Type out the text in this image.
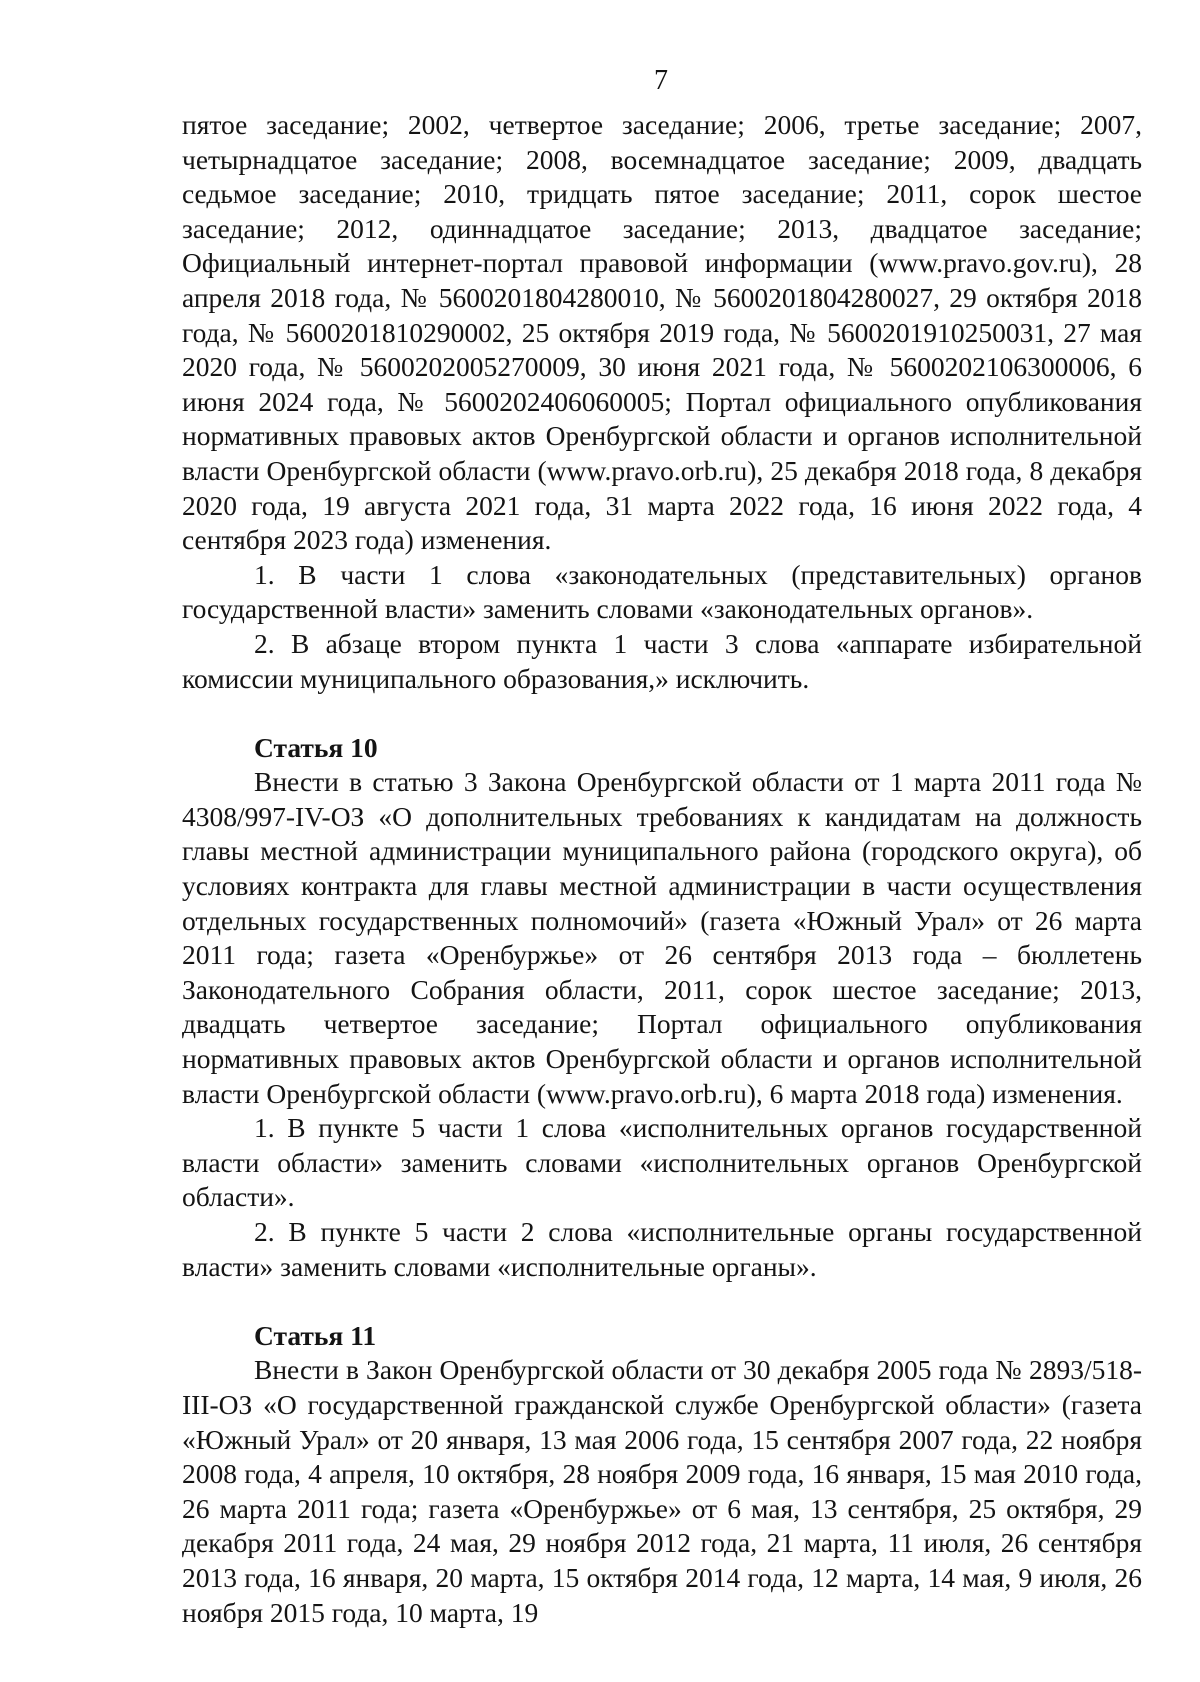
7

пятое заседание; 2002, четвертое заседание; 2006, третье заседание; 2007, четырнадцатое заседание; 2008, восемнадцатое заседание; 2009, двадцать седьмое заседание; 2010, тридцать пятое заседание; 2011, сорок шестое заседание; 2012, одиннадцатое заседание; 2013, двадцатое заседание; Официальный интернет-портал правовой информации (www.pravo.gov.ru), 28 апреля 2018 года, № 5600201804280010, № 5600201804280027, 29 октября 2018 года, № 5600201810290002, 25 октября 2019 года, № 5600201910250031, 27 мая 2020 года, № 5600202005270009, 30 июня 2021 года, № 5600202106300006, 6 июня 2024 года, № 5600202406060005; Портал официального опубликования нормативных правовых актов Оренбургской области и органов исполнительной власти Оренбургской области (www.pravo.orb.ru), 25 декабря 2018 года, 8 декабря 2020 года, 19 августа 2021 года, 31 марта 2022 года, 16 июня 2022 года, 4 сентября 2023 года) изменения.

1. В части 1 слова «законодательных (представительных) органов государственной власти» заменить словами «законодательных органов».

2. В абзаце втором пункта 1 части 3 слова «аппарате избирательной комиссии муниципального образования,» исключить.

Статья 10

Внести в статью 3 Закона Оренбургской области от 1 марта 2011 года № 4308/997-IV-ОЗ «О дополнительных требованиях к кандидатам на должность главы местной администрации муниципального района (городского округа), об условиях контракта для главы местной администрации в части осуществления отдельных государственных полномочий» (газета «Южный Урал» от 26 марта 2011 года; газета «Оренбуржье» от 26 сентября 2013 года – бюллетень Законодательного Собрания области, 2011, сорок шестое заседание; 2013, двадцать четвертое заседание; Портал официального опубликования нормативных правовых актов Оренбургской области и органов исполнительной власти Оренбургской области (www.pravo.orb.ru), 6 марта 2018 года) изменения.

1. В пункте 5 части 1 слова «исполнительных органов государственной власти области» заменить словами «исполнительных органов Оренбургской области».

2. В пункте 5 части 2 слова «исполнительные органы государственной власти» заменить словами «исполнительные органы».

Статья 11

Внести в Закон Оренбургской области от 30 декабря 2005 года № 2893/518-III-ОЗ «О государственной гражданской службе Оренбургской области» (газета «Южный Урал» от 20 января, 13 мая 2006 года, 15 сентября 2007 года, 22 ноября 2008 года, 4 апреля, 10 октября, 28 ноября 2009 года, 16 января, 15 мая 2010 года, 26 марта 2011 года; газета «Оренбуржье» от 6 мая, 13 сентября, 25 октября, 29 декабря 2011 года, 24 мая, 29 ноября 2012 года, 21 марта, 11 июля, 26 сентября 2013 года, 16 января, 20 марта, 15 октября 2014 года, 12 марта, 14 мая, 9 июля, 26 ноября 2015 года, 10 марта, 19
